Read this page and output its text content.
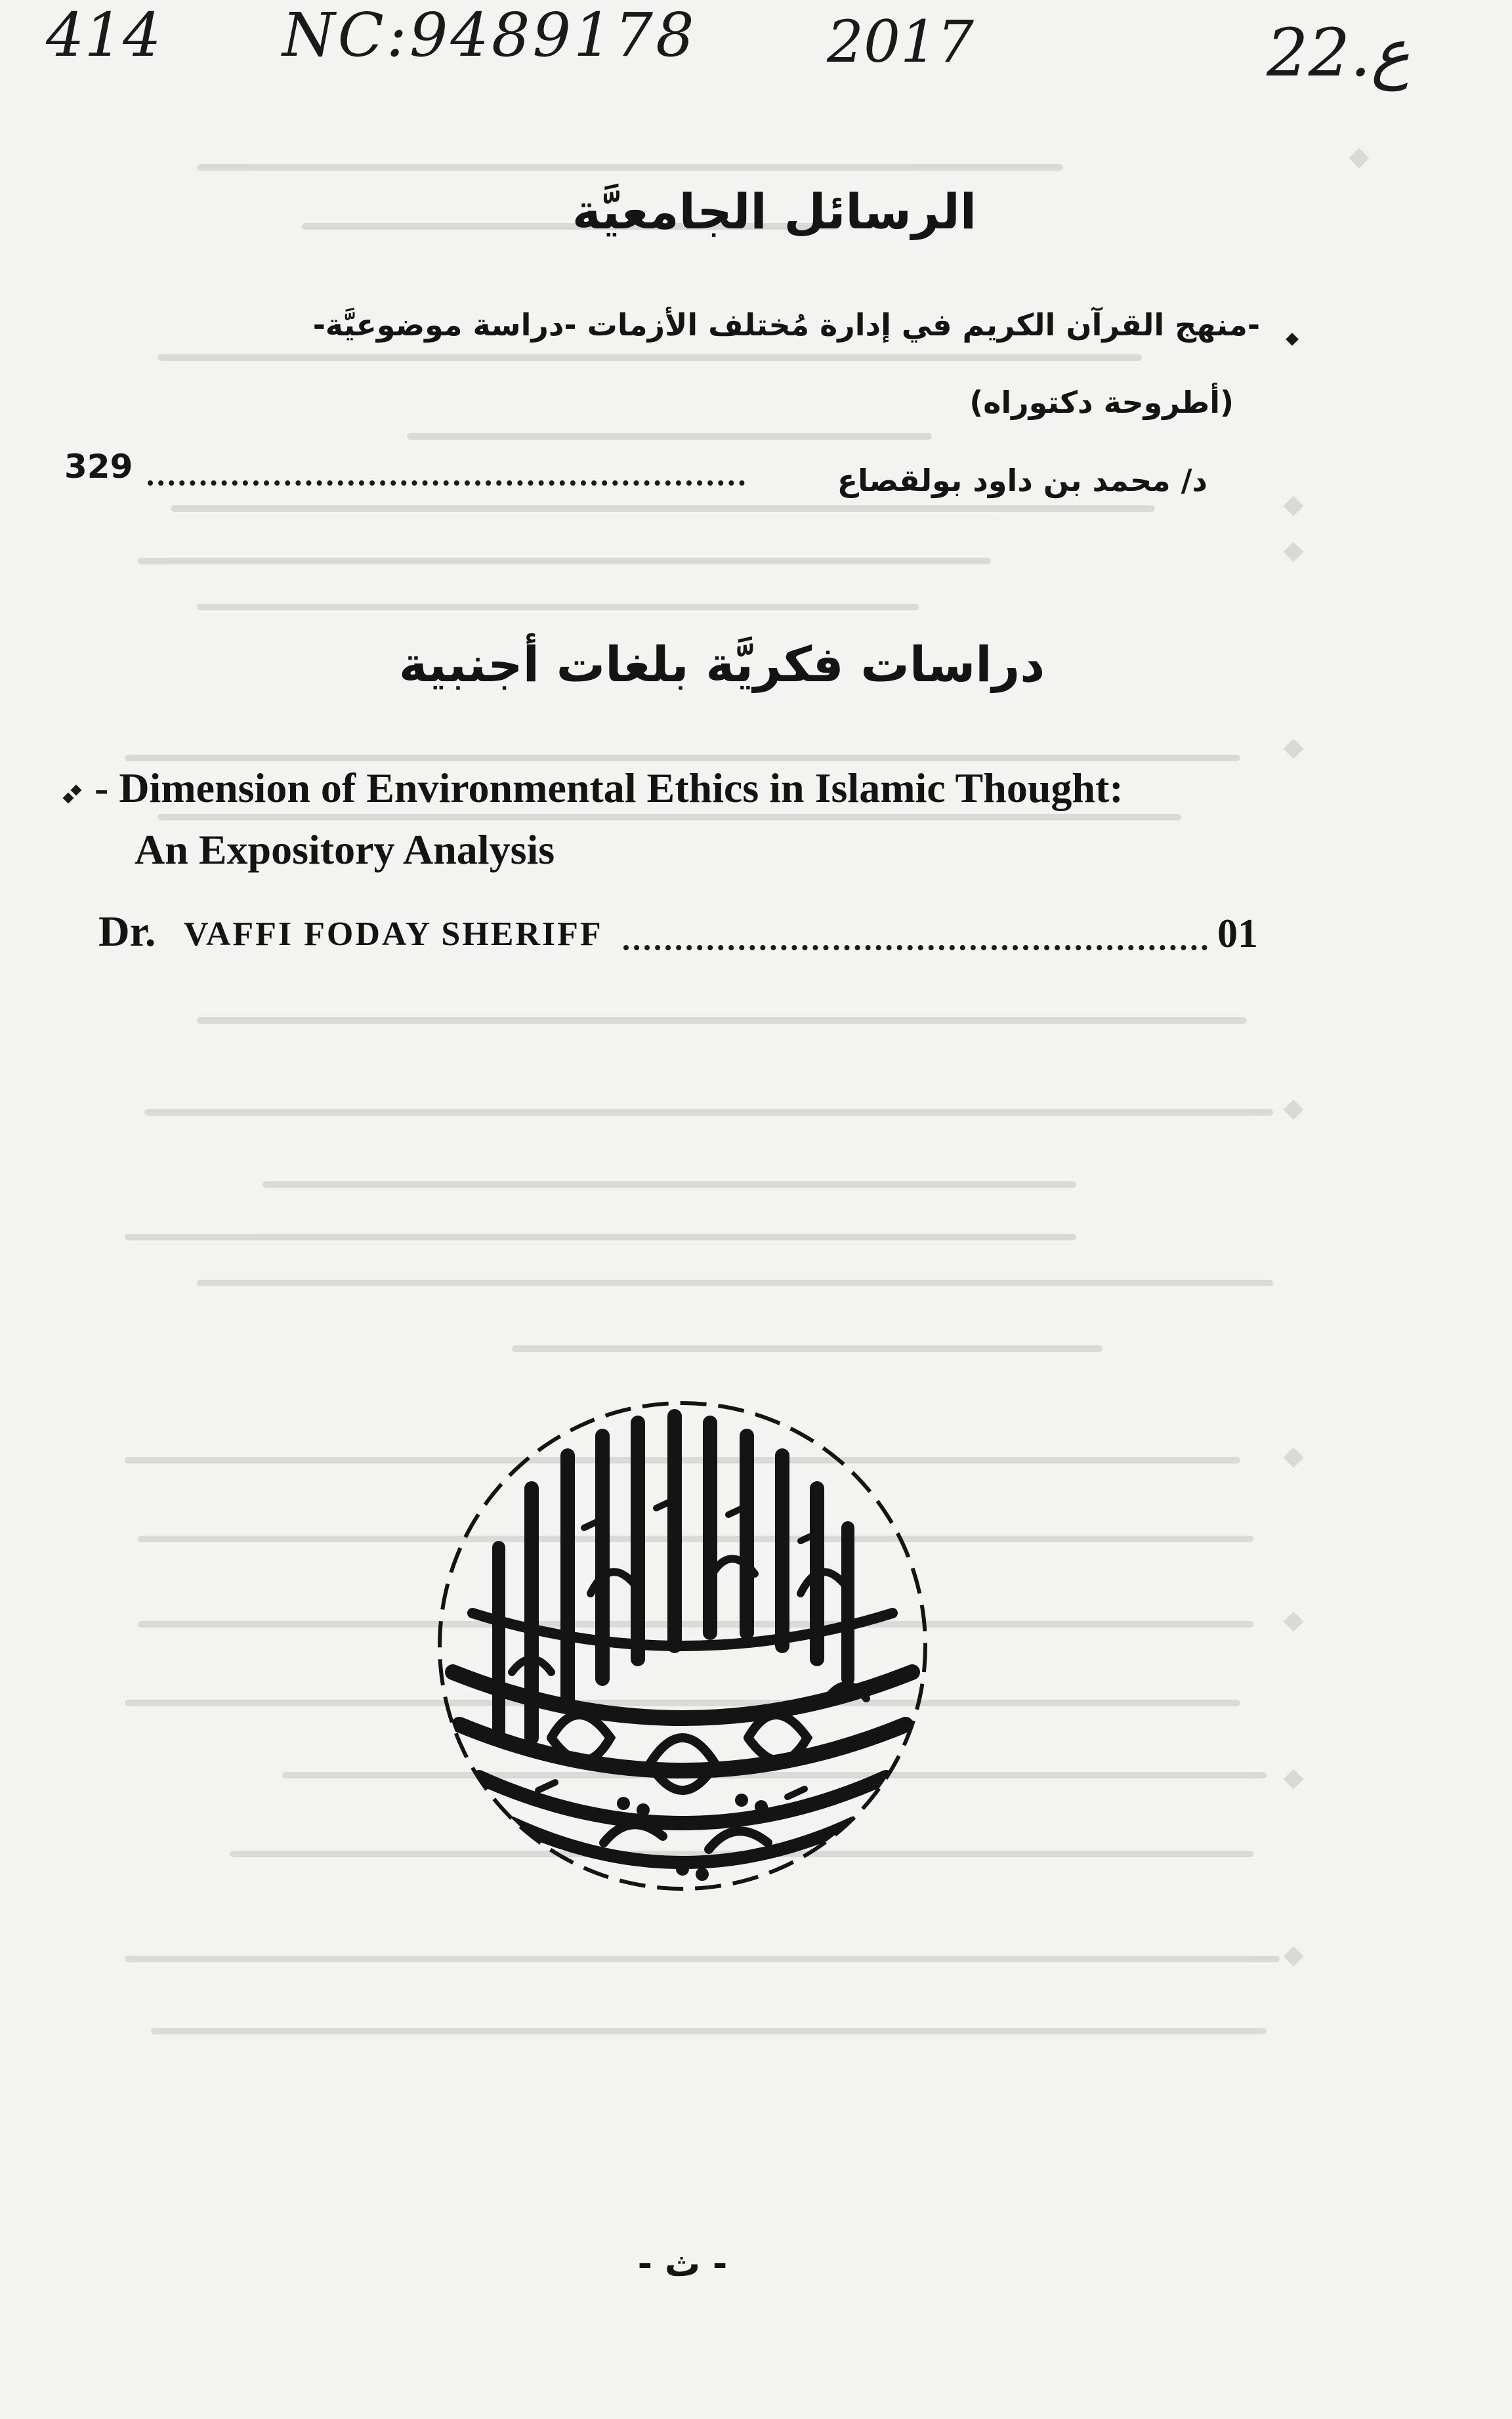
414 NC:9489178 2017	22.ع
الرسائل الجامعيَّة
-منهج القرآن الكريم في إدارة مُختلف الأزمات -دراسة موضوعيَّة-
(أطروحة دكتوراه)
د/ محمد بن داود بولقصاع
329
دراسات فكريَّة بلغات أجنبية
- Dimension of Environmental Ethics in Islamic Thought:
An Expository Analysis
Dr. VAFFI FODAY SHERIFF	01
- ث -
